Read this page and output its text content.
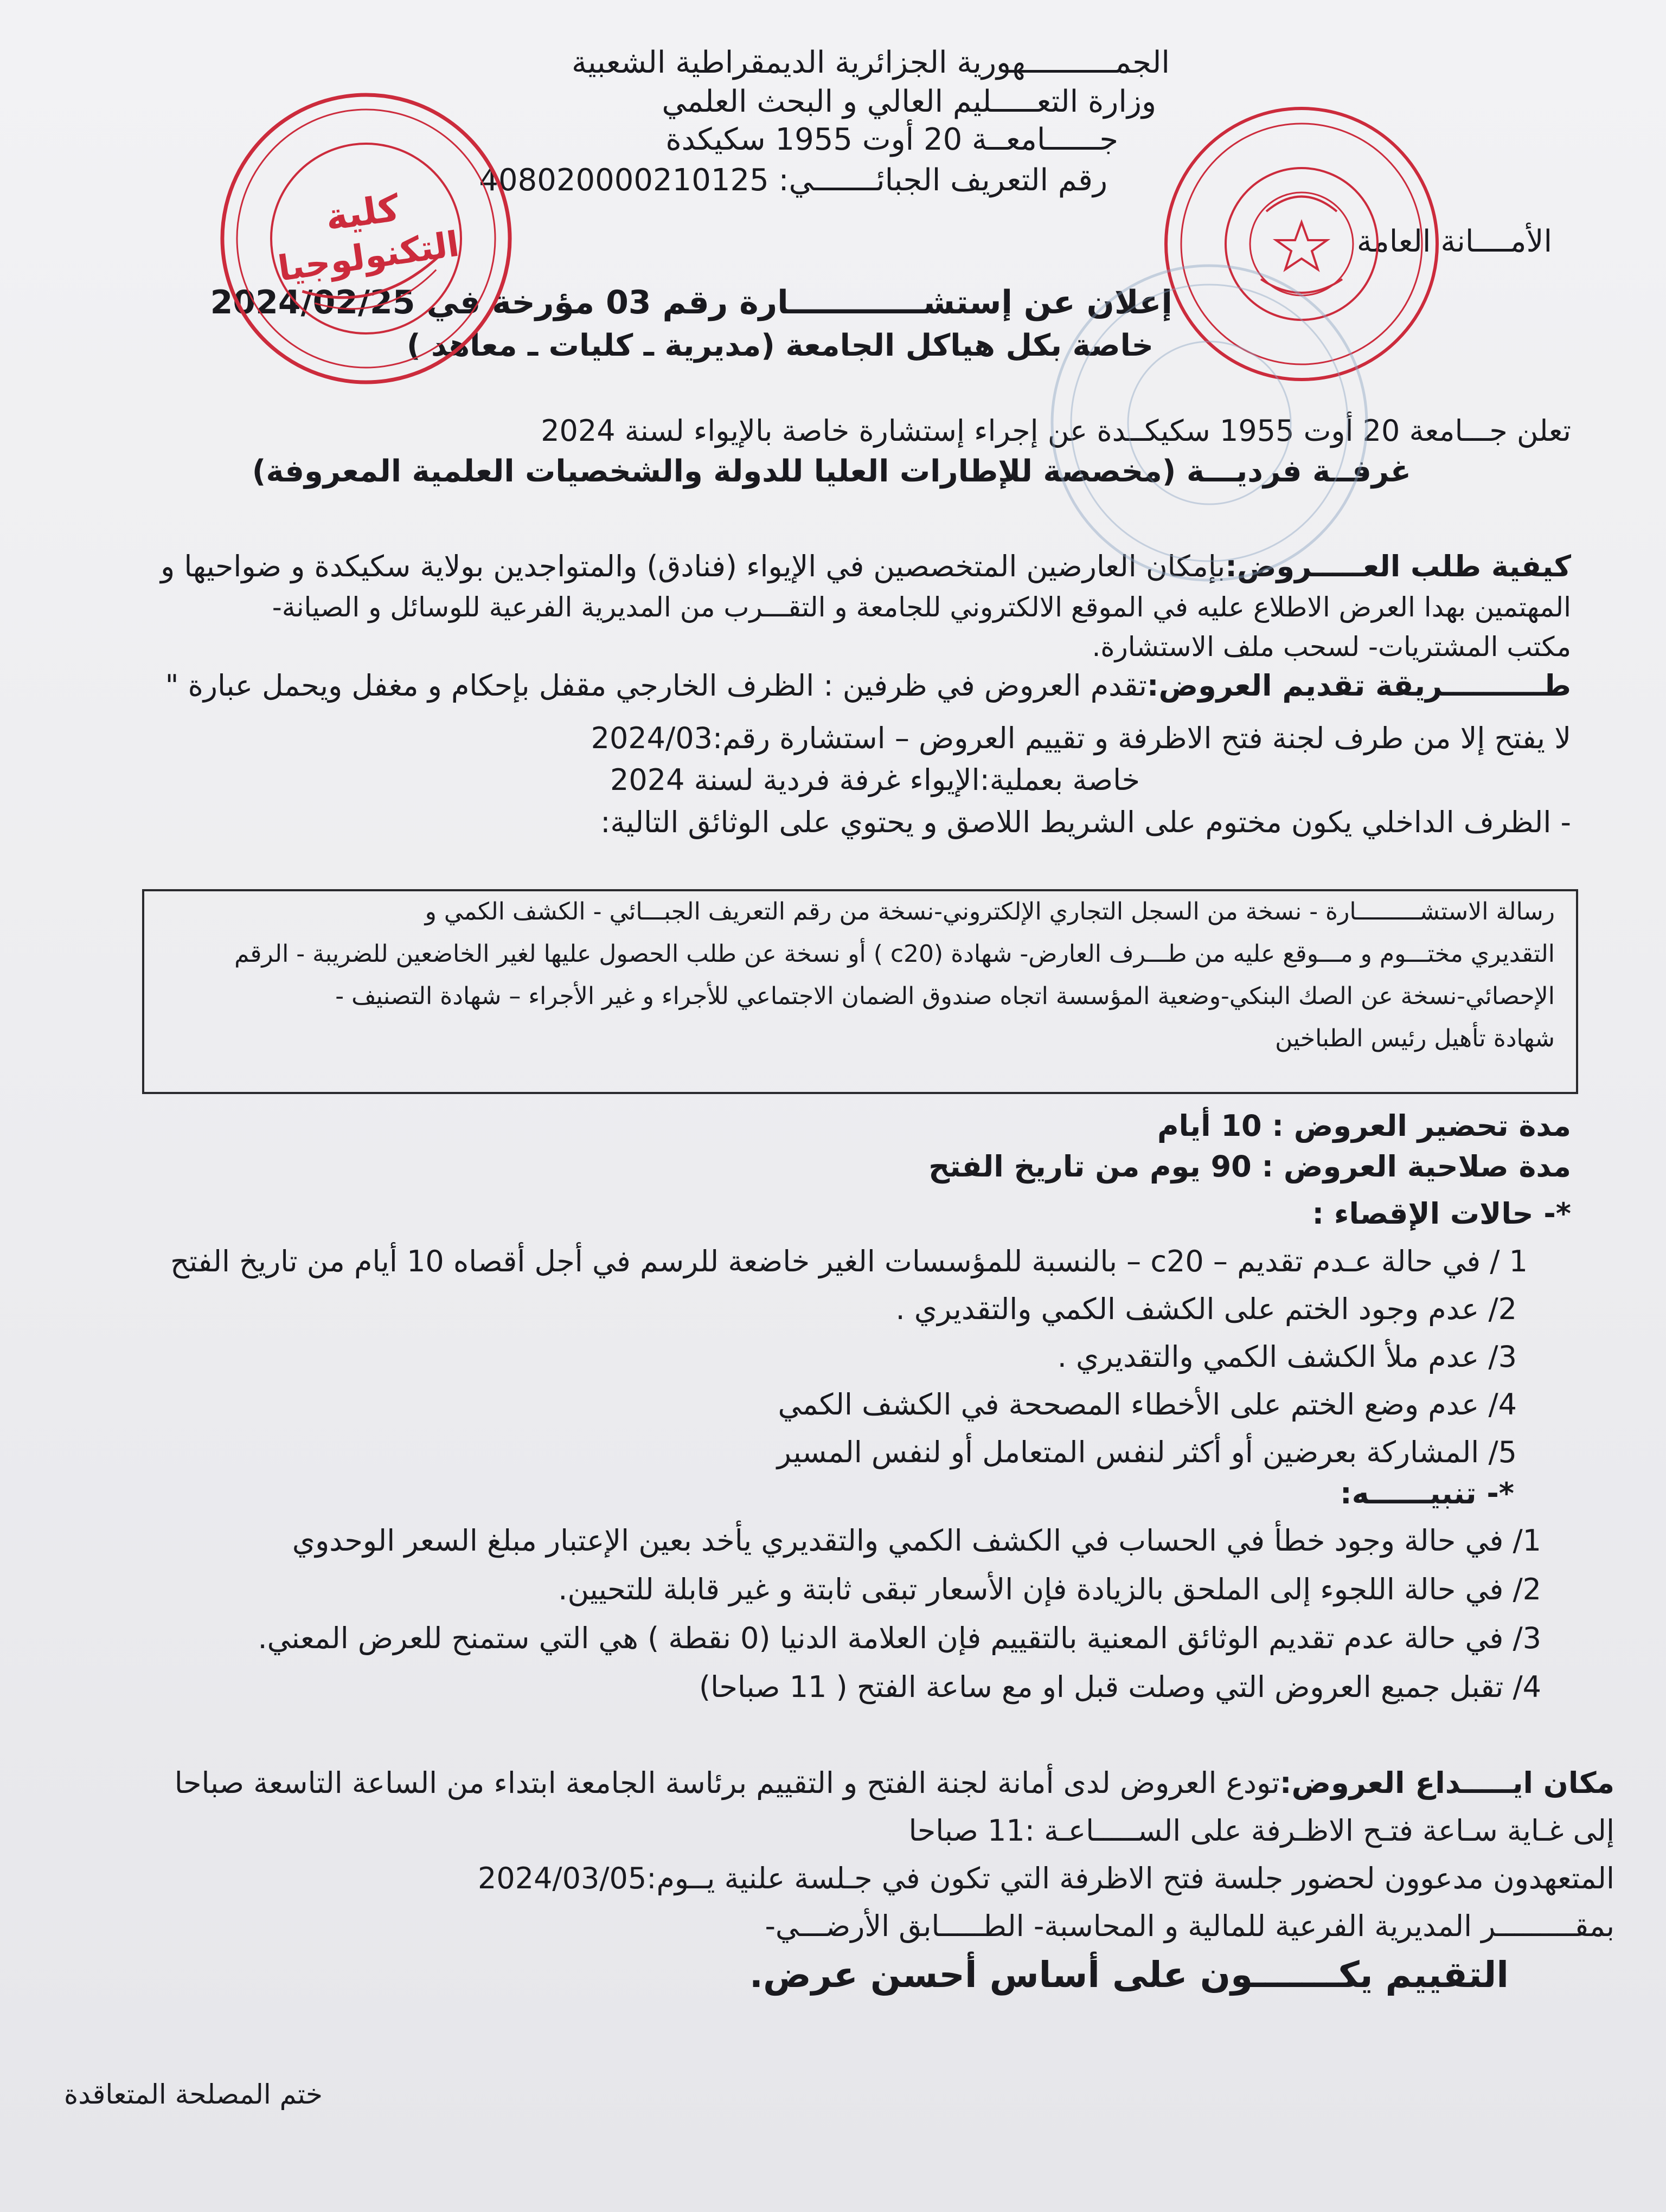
الجمــــــــــهورية الجزائرية الديمقراطية الشعبية
وزارة التعـــــليم العالي و البحث العلمي
جــــــامعــة 20 أوت 1955 سكيكدة
رقم التعريف الجبائـــــــي: 408020000210125
الأمــــانة العامة
إعلان عن إستشــــــــــــارة رقم 03 مؤرخة في 2024/02/25
خاصة بكل هياكل الجامعة (مديرية ـ كليات ـ معاهد )
تعلن جـــامعة 20 أوت 1955 سكيكــدة عن إجراء إستشارة خاصة بالإيواء لسنة 2024
غرفــة فرديـــة (مخصصة للإطارات العليا للدولة والشخصيات العلمية المعروفة)
كيفية طلب العـــــروض:بإمكان العارضين المتخصصين في الإيواء (فنادق) والمتواجدين بولاية سكيكدة و ضواحيها و
المهتمين بهدا العرض الاطلاع عليه في الموقع الالكتروني للجامعة و التقـــرب من المديرية الفرعية للوسائل و الصيانة-
مكتب المشتريات- لسحب ملف الاستشارة.
طــــــــــريقة تقديم العروض:تقدم العروض في ظرفين : الظرف الخارجي مقفل بإحكام و مغفل ويحمل عبارة "
لا يفتح إلا من طرف لجنة فتح الاظرفة و تقييم العروض – استشارة رقم:2024/03
خاصة بعملية:الإيواء غرفة فردية لسنة 2024
- الظرف الداخلي يكون مختوم على الشريط اللاصق و يحتوي على الوثائق التالية:
رسالة الاستشـــــــــارة - نسخة من السجل التجاري الإلكتروني-نسخة من رقم التعريف الجبـــائي - الكشف الكمي و
التقديري مختـــوم و مـــوقع عليه من طـــرف العارض- شهادة (c20 ) أو نسخة عن طلب الحصول عليها لغير الخاضعين للضريبة - الرقم
الإحصائي-نسخة عن الصك البنكي-وضعية المؤسسة اتجاه صندوق الضمان الاجتماعي للأجراء و غير الأجراء – شهادة التصنيف -
شهادة تأهيل رئيس الطباخين
مدة تحضير العروض : 10 أيام
مدة صلاحية العروض : 90 يوم من تاريخ الفتح
*- حالات الإقصاء :
1 / في حالة عـدم تقديم – c20 – بالنسبة للمؤسسات الغير خاضعة للرسم في أجل أقصاه 10 أيام من تاريخ الفتح
2/ عدم وجود الختم على الكشف الكمي والتقديري .
3/ عدم ملأ الكشف الكمي والتقديري .
4/ عدم وضع الختم على الأخطاء المصححة في الكشف الكمي
5/ المشاركة بعرضين أو أكثر لنفس المتعامل أو لنفس المسير
*- تنبيــــــه:
1/ في حالة وجود خطأ في الحساب في الكشف الكمي والتقديري يأخد بعين الإعتبار مبلغ السعر الوحدوي
2/ في حالة اللجوء إلى الملحق بالزيادة فإن الأسعار تبقى ثابتة و غير قابلة للتحيين.
3/ في حالة عدم تقديم الوثائق المعنية بالتقييم فإن العلامة الدنيا (0 نقطة ) هي التي ستمنح للعرض المعني.
4/ تقبل جميع العروض التي وصلت قبل او مع ساعة الفتح ( 11 صباحا)
مكان ايـــــداع العروض:تودع العروض لدى أمانة لجنة الفتح و التقييم برئاسة الجامعة ابتداء من الساعة التاسعة صباحا
إلى غـاية سـاعة فتـح الاظـرفة على الســـــاعـة :11 صباحا
المتعهدون مدعوون لحضور جلسة فتح الاظرفة التي تكون في جـلسة علنية يــوم:2024/03/05
بمقـــــــــر المديرية الفرعية للمالية و المحاسبة- الطـــــابق الأرضـــي-
التقييم يكـــــــون على أساس أحسن عرض.
ختم المصلحة المتعاقدة
كلية
التكنولوجيا
